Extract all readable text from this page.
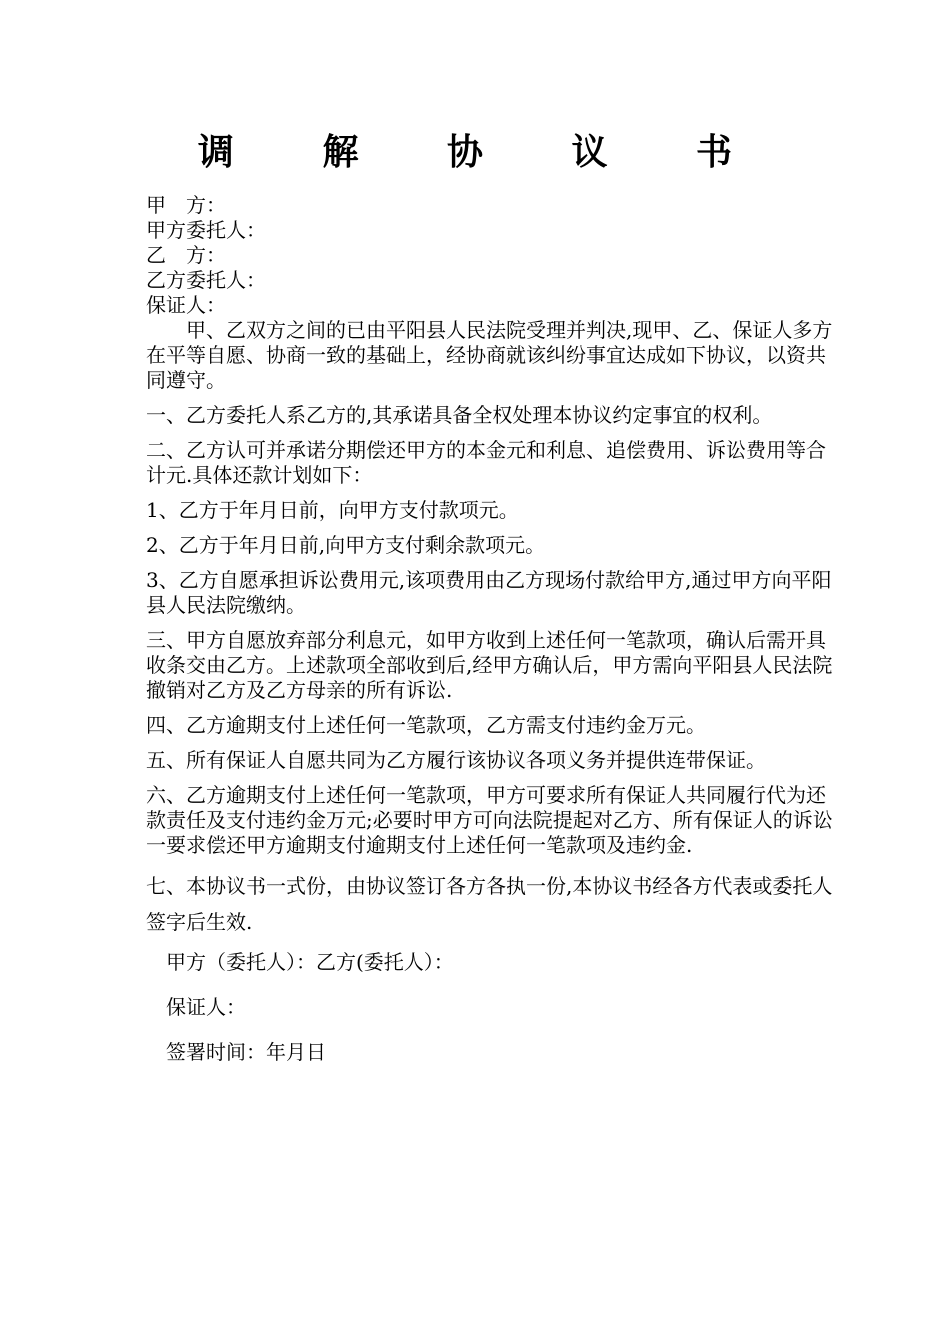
调 解 协 议 书
甲　方：
甲方委托人：
乙　方：
乙方委托人：
保证人：

甲、乙双方之间的已由平阳县人民法院受理并判决,现甲、乙、保证人多方在平等自愿、协商一致的基础上，经协商就该纠纷事宜达成如下协议，以资共同遵守。

一、乙方委托人系乙方的,其承诺具备全权处理本协议约定事宜的权利。

二、乙方认可并承诺分期偿还甲方的本金元和利息、追偿费用、诉讼费用等合计元.具体还款计划如下：

1、乙方于年月日前，向甲方支付款项元。

2、乙方于年月日前,向甲方支付剩余款项元。

3、乙方自愿承担诉讼费用元,该项费用由乙方现场付款给甲方,通过甲方向平阳县人民法院缴纳。

三、甲方自愿放弃部分利息元，如甲方收到上述任何一笔款项，确认后需开具收条交由乙方。上述款项全部收到后,经甲方确认后，甲方需向平阳县人民法院撤销对乙方及乙方母亲的所有诉讼.

四、乙方逾期支付上述任何一笔款项，乙方需支付违约金万元。

五、所有保证人自愿共同为乙方履行该协议各项义务并提供连带保证。

六、乙方逾期支付上述任何一笔款项，甲方可要求所有保证人共同履行代为还款责任及支付违约金万元;必要时甲方可向法院提起对乙方、所有保证人的诉讼一要求偿还甲方逾期支付逾期支付上述任何一笔款项及违约金.

七、本协议书一式份，由协议签订各方各执一份,本协议书经各方代表或委托人签字后生效.

甲方（委托人）：乙方(委托人）：
保证人：
签署时间：年月日
